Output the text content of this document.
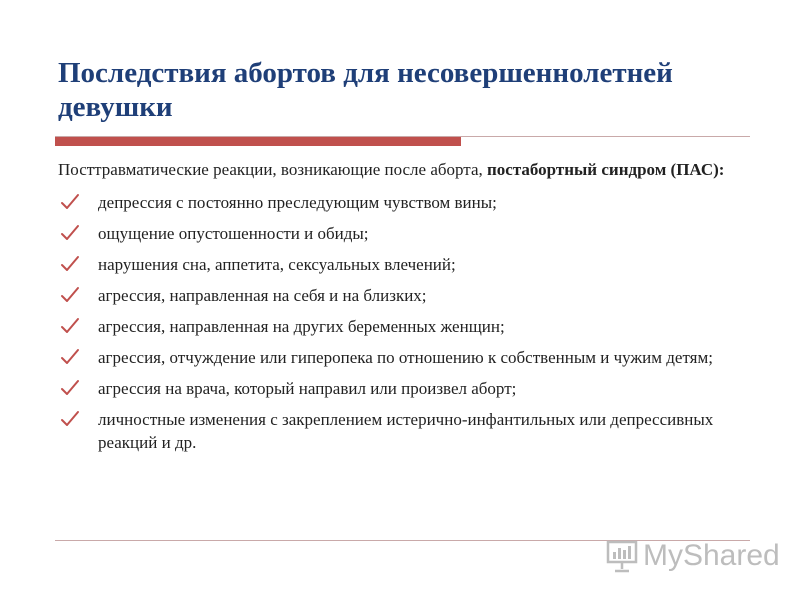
Последствия абортов для несовершеннолетней девушки

Посттравматические реакции, возникающие после аборта, постабортный синдром (ПАС):

депрессия с постоянно преследующим чувством вины;
ощущение опустошенности и обиды;
нарушения сна, аппетита, сексуальных влечений;
агрессия, направленная на себя и на близких;
агрессия, направленная на других беременных женщин;
агрессия, отчуждение или гиперопека по отношению к собственным и чужим детям;
агрессия на врача, который направил или произвел аборт;
личностные изменения с закреплением истерично-инфантильных или депрессивных реакций и др.
MyShared
